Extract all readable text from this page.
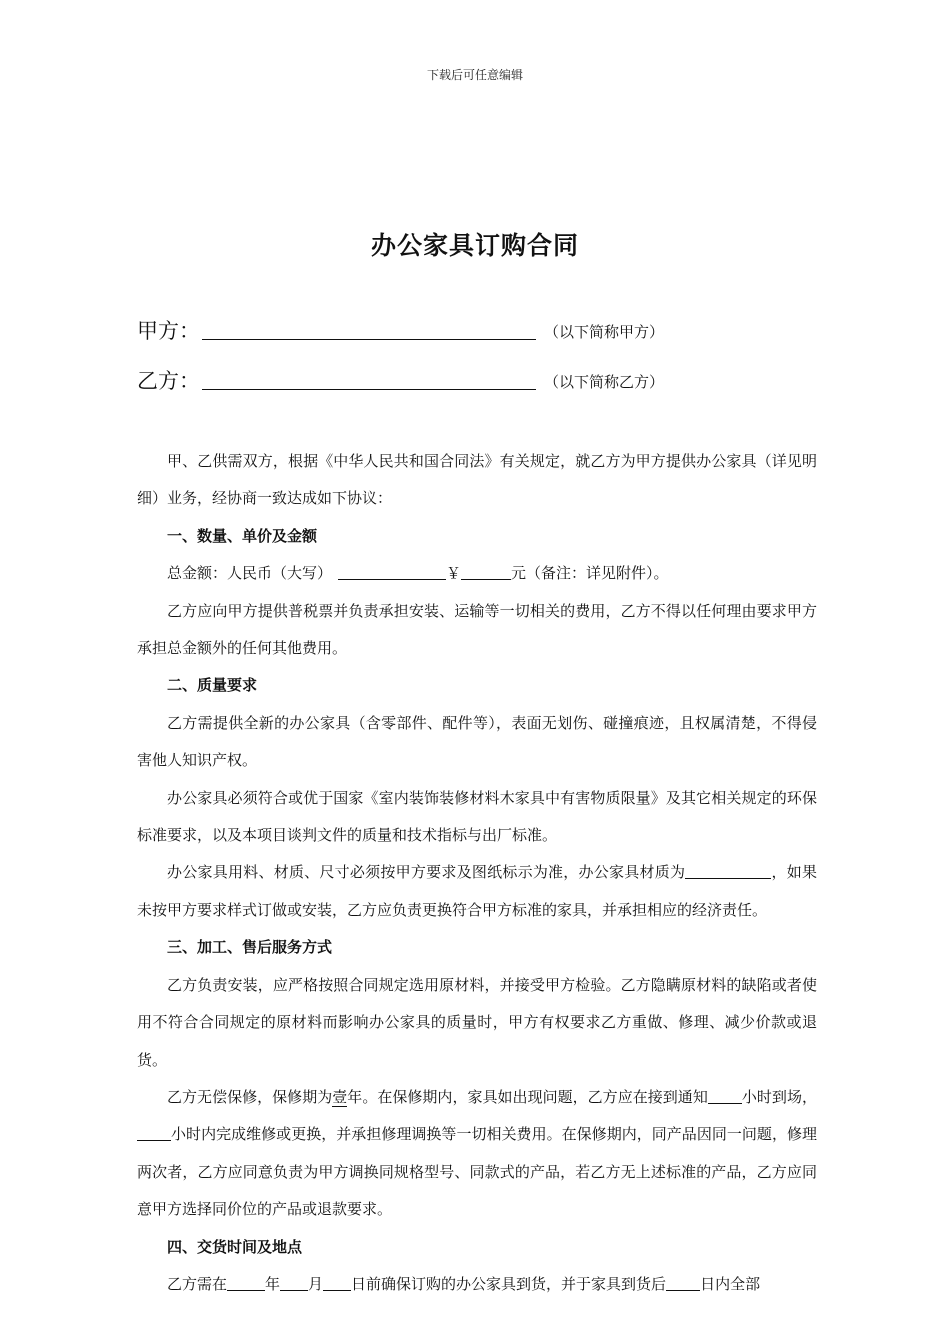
下载后可任意编辑
办公家具订购合同
甲方：	（以下简称甲方）
乙方：	（以下简称乙方）

甲、乙供需双方，根据《中华人民共和国合同法》有关规定，就乙方为甲方提供办公家具（详见明细）业务，经协商一致达成如下协议：

一、数量、单价及金额

总金额：人民币（大写）	￥	元（备注：详见附件）。

乙方应向甲方提供普税票并负责承担安装、运输等一切相关的费用，乙方不得以任何理由要求甲方承担总金额外的任何其他费用。

二、质量要求

乙方需提供全新的办公家具（含零部件、配件等），表面无划伤、碰撞痕迹，且权属清楚，不得侵害他人知识产权。

办公家具必须符合或优于国家《室内装饰装修材料木家具中有害物质限量》及其它相关规定的环保标准要求，以及本项目谈判文件的质量和技术指标与出厂标准。

办公家具用料、材质、尺寸必须按甲方要求及图纸标示为准，办公家具材质为	，如果未按甲方要求样式订做或安装，乙方应负责更换符合甲方标准的家具，并承担相应的经济责任。

三、加工、售后服务方式

乙方负责安装，应严格按照合同规定选用原材料，并接受甲方检验。乙方隐瞒原材料的缺陷或者使用不符合合同规定的原材料而影响办公家具的质量时，甲方有权要求乙方重做、修理、减少价款或退货。

乙方无偿保修，保修期为壹年。在保修期内，家具如出现问题，乙方应在接到通知 小时到场，小时内完成维修或更换，并承担修理调换等一切相关费用。在保修期内，同产品因同一问题，修理两次者，乙方应同意负责为甲方调换同规格型号、同款式的产品，若乙方无上述标准的产品，乙方应同意甲方选择同价位的产品或退款要求。

四、交货时间及地点

乙方需在	年 月 日前确保订购的办公家具到货，并于家具到货后 日内全部
